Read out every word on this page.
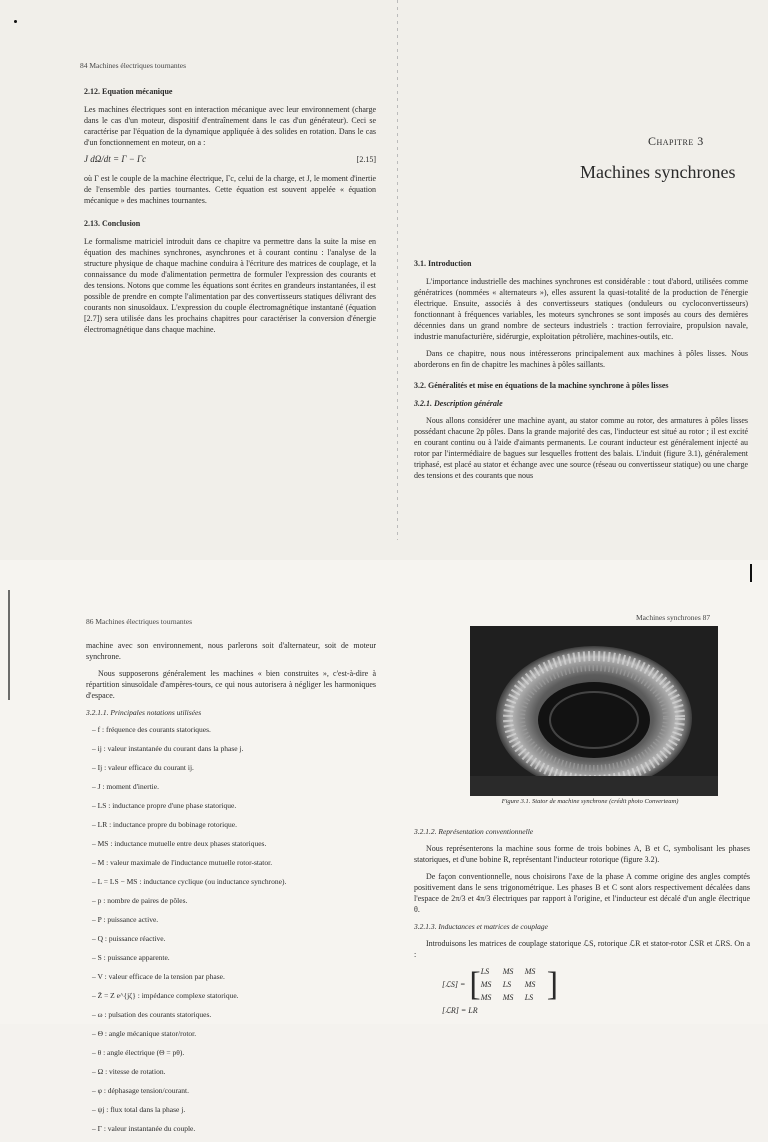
84 Machines électriques tournantes
2.12. Equation mécanique

Les machines électriques sont en interaction mécanique avec leur environnement (charge dans le cas d'un moteur, dispositif d'entraînement dans le cas d'un générateur). Ceci se caractérise par l'équation de la dynamique appliquée à des solides en rotation. Dans le cas d'un fonctionnement en moteur, on a :

J dΩ/dt = Γ − Γc	[2.15]

où Γ est le couple de la machine électrique, Γc, celui de la charge, et J, le moment d'inertie de l'ensemble des parties tournantes. Cette équation est souvent appelée « équation mécanique » des machines tournantes.

2.13. Conclusion

Le formalisme matriciel introduit dans ce chapitre va permettre dans la suite la mise en équation des machines synchrones, asynchrones et à courant continu : l'analyse de la structure physique de chaque machine conduira à l'écriture des matrices de couplage, et la connaissance du mode d'alimentation permettra de formuler l'expression des courants et des tensions. Notons que comme les équations sont écrites en grandeurs instantanées, il est possible de prendre en compte l'alimentation par des convertisseurs statiques délivrant des courants non sinusoïdaux. L'expression du couple électromagnétique instantané (équation [2.7]) sera utilisée dans les prochains chapitres pour caractériser la conversion d'énergie électromagnétique dans chaque machine.

Chapitre 3
Machines synchrones
3.1. Introduction

L'importance industrielle des machines synchrones est considérable : tout d'abord, utilisées comme génératrices (nommées « alternateurs »), elles assurent la quasi-totalité de la production de l'énergie électrique. Ensuite, associés à des convertisseurs statiques (onduleurs ou cycloconvertisseurs) fonctionnant à fréquences variables, les moteurs synchrones se sont imposés au cours des dernières décennies dans un grand nombre de secteurs industriels : traction ferroviaire, propulsion navale, industrie manufacturière, sidérurgie, exploitation pétrolière, machines-outils, etc.

Dans ce chapitre, nous nous intéresserons principalement aux machines à pôles lisses. Nous aborderons en fin de chapitre les machines à pôles saillants.

3.2. Généralités et mise en équations de la machine synchrone à pôles lisses
3.2.1. Description générale

Nous allons considérer une machine ayant, au stator comme au rotor, des armatures à pôles lisses possédant chacune 2p pôles. Dans la grande majorité des cas, l'inducteur est situé au rotor ; il est excité en courant continu ou à l'aide d'aimants permanents. Le courant inducteur est généralement injecté au rotor par l'intermédiaire de bagues sur lesquelles frottent des balais. L'induit (figure 3.1), généralement triphasé, est placé au stator et échange avec une source (réseau ou convertisseur statique) ou une charge des tensions et des courants que nous

86 Machines électriques tournantes

machine avec son environnement, nous parlerons soit d'alternateur, soit de moteur synchrone.

Nous supposerons généralement les machines « bien construites », c'est-à-dire à répartition sinusoïdale d'ampères-tours, ce qui nous autorisera à négliger les harmoniques d'espace.

3.2.1.1. Principales notations utilisées
– f : fréquence des courants statoriques.
– ij : valeur instantanée du courant dans la phase j.
– Ij : valeur efficace du courant ij.
– J : moment d'inertie.
– LS : inductance propre d'une phase statorique.
– LR : inductance propre du bobinage rotorique.
– MS : inductance mutuelle entre deux phases statoriques.
– M : valeur maximale de l'inductance mutuelle rotor-stator.
– L = LS − MS : inductance cyclique (ou inductance synchrone).
– p : nombre de paires de pôles.
– P : puissance active.
– Q : puissance réactive.
– S : puissance apparente.
– V : valeur efficace de la tension par phase.
– Z̄ = Z e^{jζ} : impédance complexe statorique.
– ω : pulsation des courants statoriques.
– Θ : angle mécanique stator/rotor.
– θ : angle électrique (Θ = pθ).
– Ω : vitesse de rotation.
– φ : déphasage tension/courant.
– ψj : flux total dans la phase j.
– Γ : valeur instantanée du couple.
Machines synchrones 87
Figure 3.1. Stator de machine synchrone (crédit photo Converteam)
3.2.1.2. Représentation conventionnelle

Nous représenterons la machine sous forme de trois bobines A, B et C, symbolisant les phases statoriques, et d'une bobine R, représentant l'inducteur rotorique (figure 3.2).

De façon conventionnelle, nous choisirons l'axe de la phase A comme origine des angles comptés positivement dans le sens trigonométrique. Les phases B et C sont alors respectivement décalées dans l'espace de 2π/3 et 4π/3 électriques par rapport à l'origine, et l'inducteur est décalé d'un angle électrique θ.

3.2.1.3. Inductances et matrices de couplage

Introduisons les matrices de couplage statorique ℒS, rotorique ℒR et stator-rotor ℒSR et ℒRS. On a :

[ℒS] = [ LS	MS	MS
MS	LS	MS
MS	MS	LS ]
[ℒR] = LR
